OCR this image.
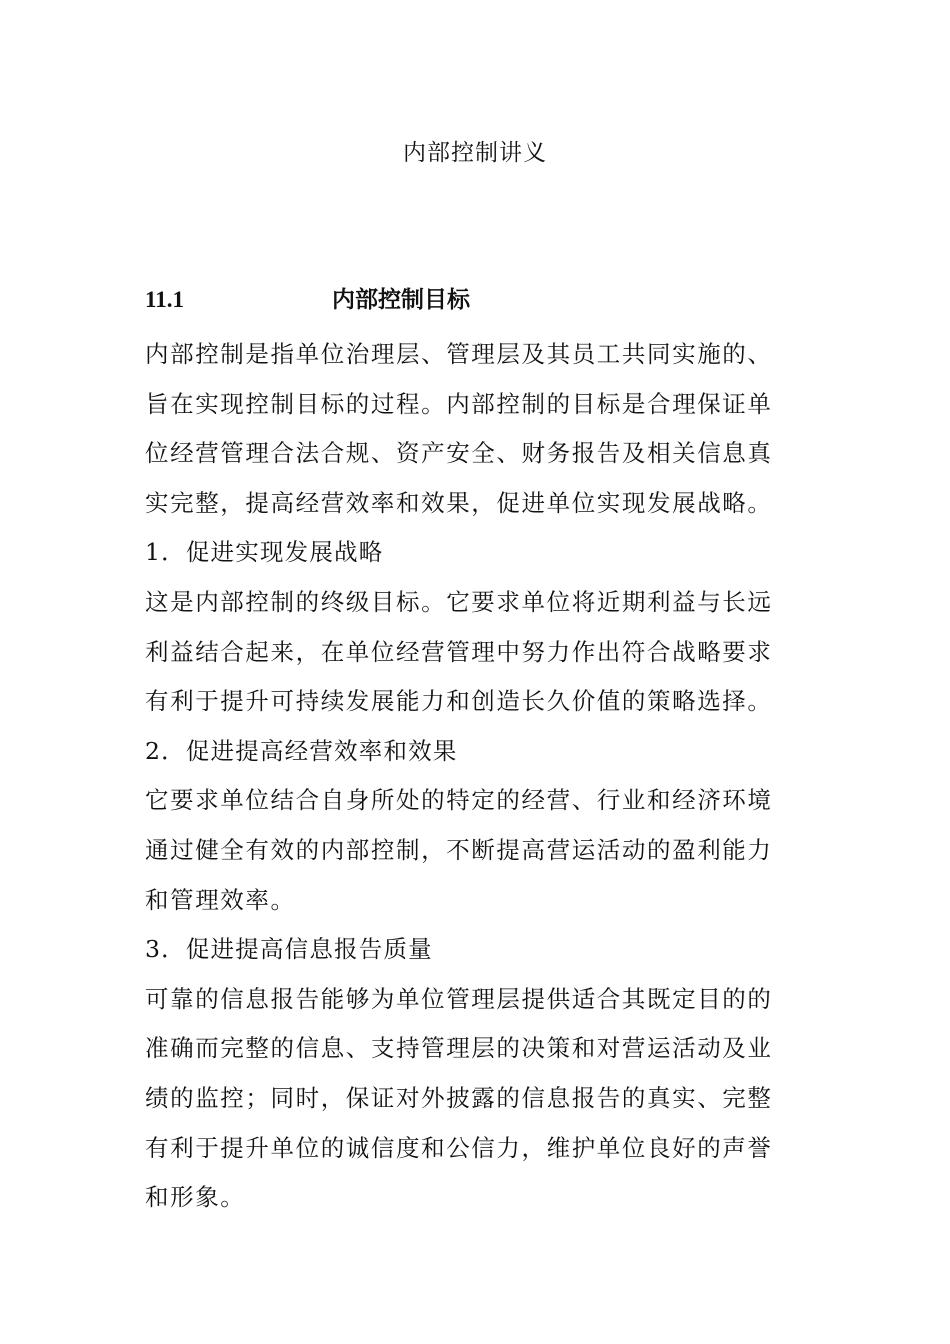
内部控制讲义
11.1	内部控制目标
内部控制是指单位治理层、管理层及其员工共同实施的、
旨在实现控制目标的过程。内部控制的目标是合理保证单
位经营管理合法合规、资产安全、财务报告及相关信息真
实完整，提高经营效率和效果，促进单位实现发展战略。
1．促进实现发展战略
这是内部控制的终级目标。它要求单位将近期利益与长远
利益结合起来，在单位经营管理中努力作出符合战略要求
有利于提升可持续发展能力和创造长久价值的策略选择。
2．促进提高经营效率和效果
它要求单位结合自身所处的特定的经营、行业和经济环境
通过健全有效的内部控制，不断提高营运活动的盈利能力
和管理效率。
3．促进提高信息报告质量
可靠的信息报告能够为单位管理层提供适合其既定目的的
准确而完整的信息、支持管理层的决策和对营运活动及业
绩的监控；同时，保证对外披露的信息报告的真实、完整
有利于提升单位的诚信度和公信力，维护单位良好的声誉
和形象。
